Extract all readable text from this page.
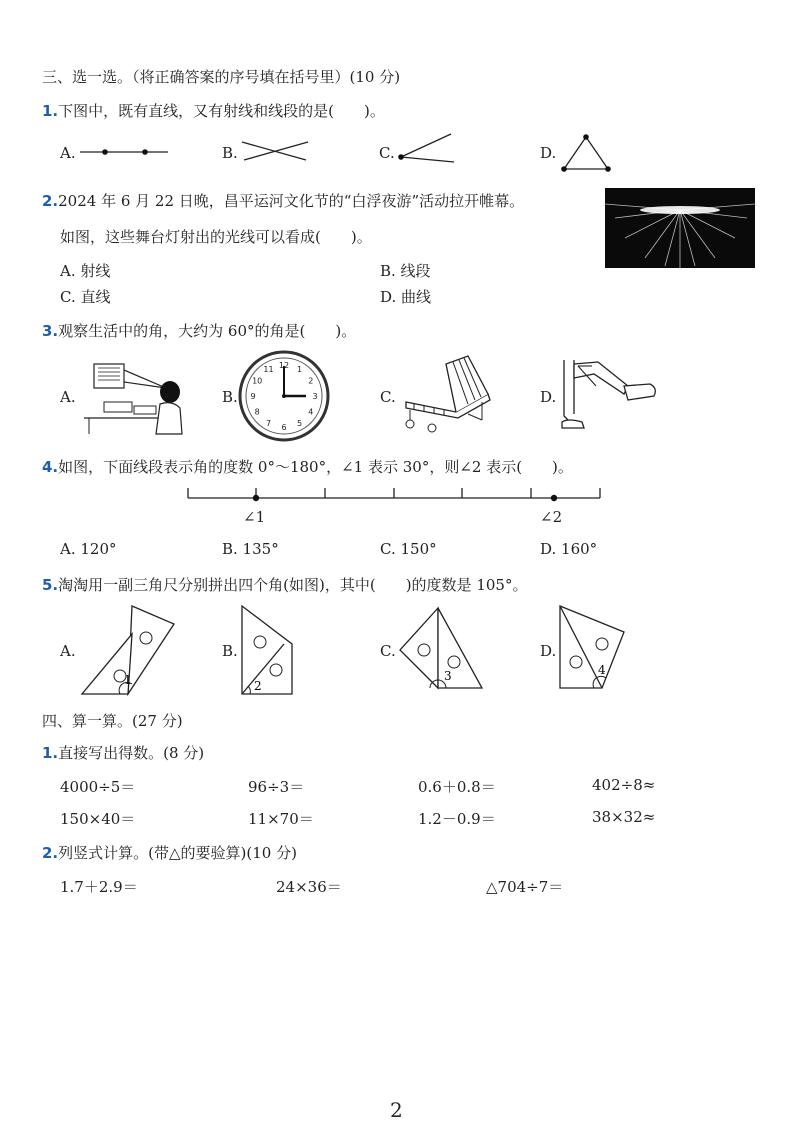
三、选一选。（将正确答案的序号填在括号里）(10 分)
1.下图中，既有直线，又有射线和线段的是(　　)。
A.	B.	C.	D.
2.2024 年 6 月 22 日晚，昌平运河文化节的“白浮夜游”活动拉开帷幕。
如图，这些舞台灯射出的光线可以看成(　　)。
A. 射线	B. 线段
C. 直线	D. 曲线
3.观察生活中的角，大约为 60°的角是(　　)。
A.	B.
12 1
2
3
4
5
6
7
8
9
10
11
C.	D.
4.如图，下面线段表示角的度数 0°～180°，∠1 表示 30°，则∠2 表示(　　)。
∠1	∠2
A. 120°	B. 135°	C. 150°	D. 160°
5.淘淘用一副三角尺分别拼出四个角(如图)，其中(　　)的度数是 105°。
A.
1
B.
2
C.
3
D.
4
四、算一算。(27 分)
1.直接写出得数。(8 分)
4000÷5＝	96÷3＝	0.6＋0.8＝	402÷8≈
150×40＝	11×70＝	1.2－0.9＝	38×32≈
2.列竖式计算。(带△的要验算)(10 分)
1.7＋2.9＝	24×36＝	△704÷7＝
2
